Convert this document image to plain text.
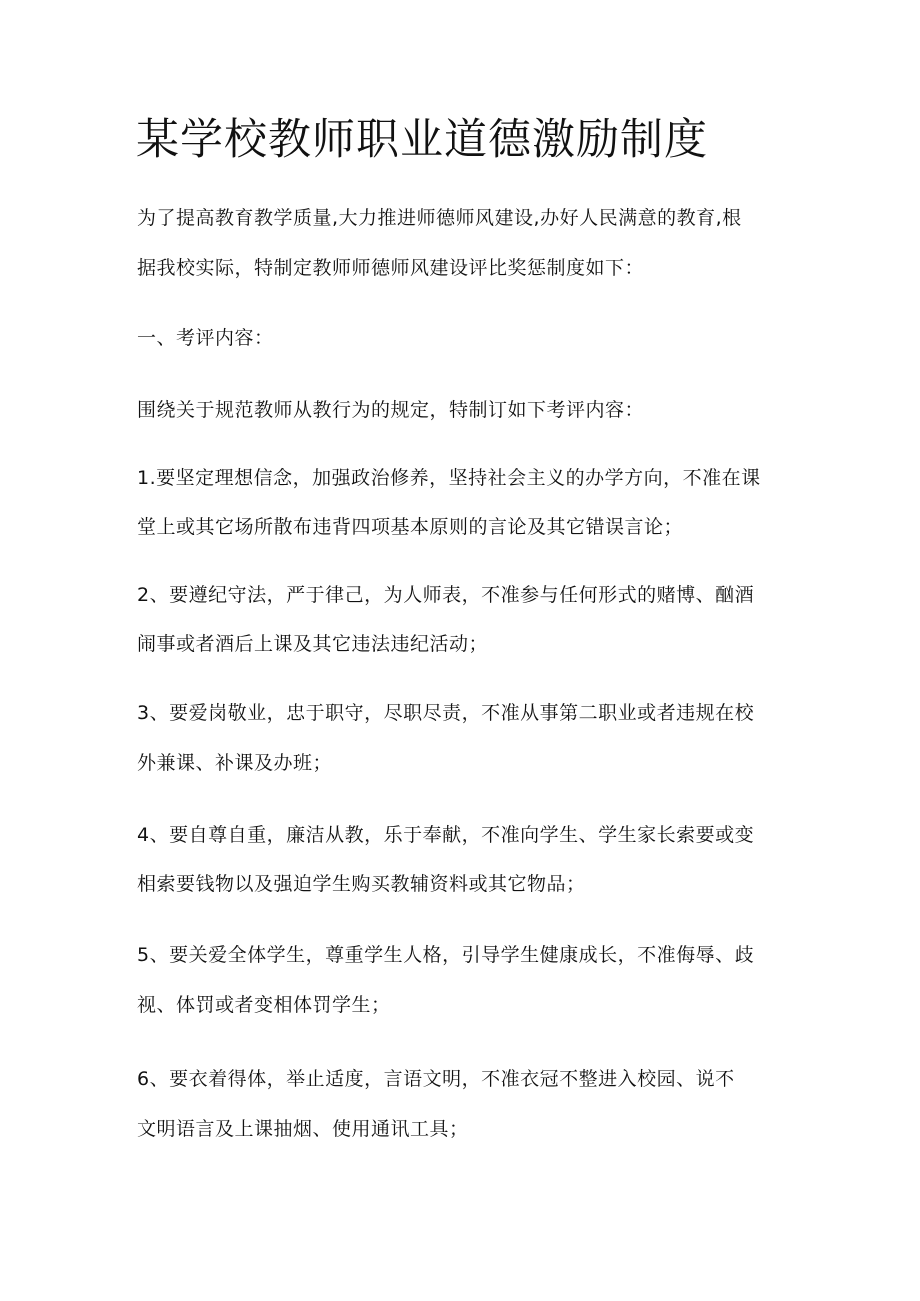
某学校教师职业道德激励制度

为了提高教育教学质量,大力推进师德师风建设,办好人民满意的教育,根

据我校实际，特制定教师师德师风建设评比奖惩制度如下：

一、考评内容：

围绕关于规范教师从教行为的规定，特制订如下考评内容：

1.要坚定理想信念，加强政治修养，坚持社会主义的办学方向，不准在课

堂上或其它场所散布违背四项基本原则的言论及其它错误言论；

2、要遵纪守法，严于律己，为人师表，不准参与任何形式的赌博、酗酒

闹事或者酒后上课及其它违法违纪活动；

3、要爱岗敬业，忠于职守，尽职尽责，不准从事第二职业或者违规在校

外兼课、补课及办班；

4、要自尊自重，廉洁从教，乐于奉献，不准向学生、学生家长索要或变

相索要钱物以及强迫学生购买教辅资料或其它物品；

5、要关爱全体学生，尊重学生人格，引导学生健康成长，不准侮辱、歧

视、体罚或者变相体罚学生；

6、要衣着得体，举止适度，言语文明，不准衣冠不整进入校园、说不

文明语言及上课抽烟、使用通讯工具；
